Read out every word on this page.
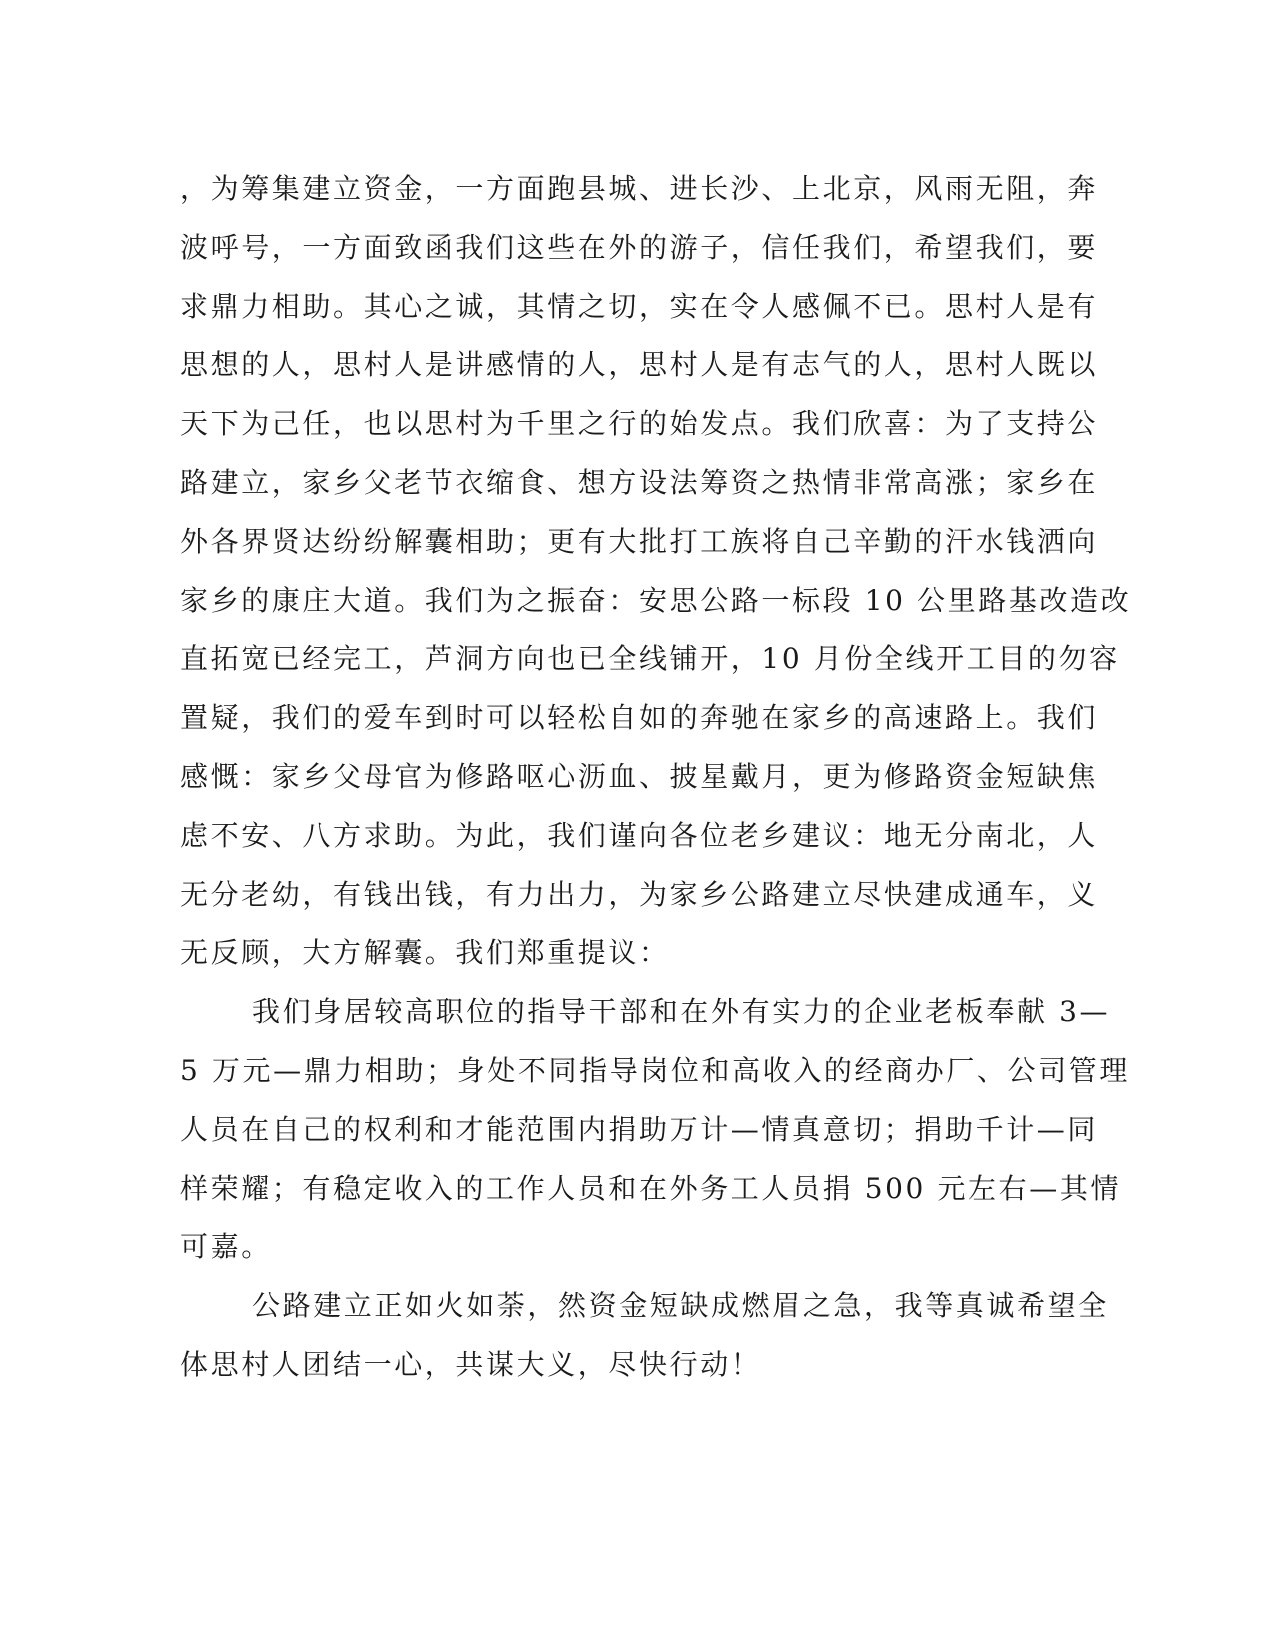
，为筹集建立资金，一方面跑县城、进长沙、上北京，风雨无阻，奔
波呼号，一方面致函我们这些在外的游子，信任我们，希望我们，要
求鼎力相助。其心之诚，其情之切，实在令人感佩不已。思村人是有
思想的人，思村人是讲感情的人，思村人是有志气的人，思村人既以
天下为己任，也以思村为千里之行的始发点。我们欣喜：为了支持公
路建立，家乡父老节衣缩食、想方设法筹资之热情非常高涨；家乡在
外各界贤达纷纷解囊相助；更有大批打工族将自己辛勤的汗水钱洒向
家乡的康庄大道。我们为之振奋：安思公路一标段 10 公里路基改造改
直拓宽已经完工，芦洞方向也已全线铺开，10 月份全线开工目的勿容
置疑，我们的爱车到时可以轻松自如的奔驰在家乡的高速路上。我们
感慨：家乡父母官为修路呕心沥血、披星戴月，更为修路资金短缺焦
虑不安、八方求助。为此，我们谨向各位老乡建议：地无分南北，人
无分老幼，有钱出钱，有力出力，为家乡公路建立尽快建成通车，义
无反顾，大方解囊。我们郑重提议：
我们身居较高职位的指导干部和在外有实力的企业老板奉献 3—
5 万元—鼎力相助；身处不同指导岗位和高收入的经商办厂、公司管理
人员在自己的权利和才能范围内捐助万计—情真意切；捐助千计—同
样荣耀；有稳定收入的工作人员和在外务工人员捐 500 元左右—其情
可嘉。
公路建立正如火如荼，然资金短缺成燃眉之急，我等真诚希望全
体思村人团结一心，共谋大义，尽快行动！
